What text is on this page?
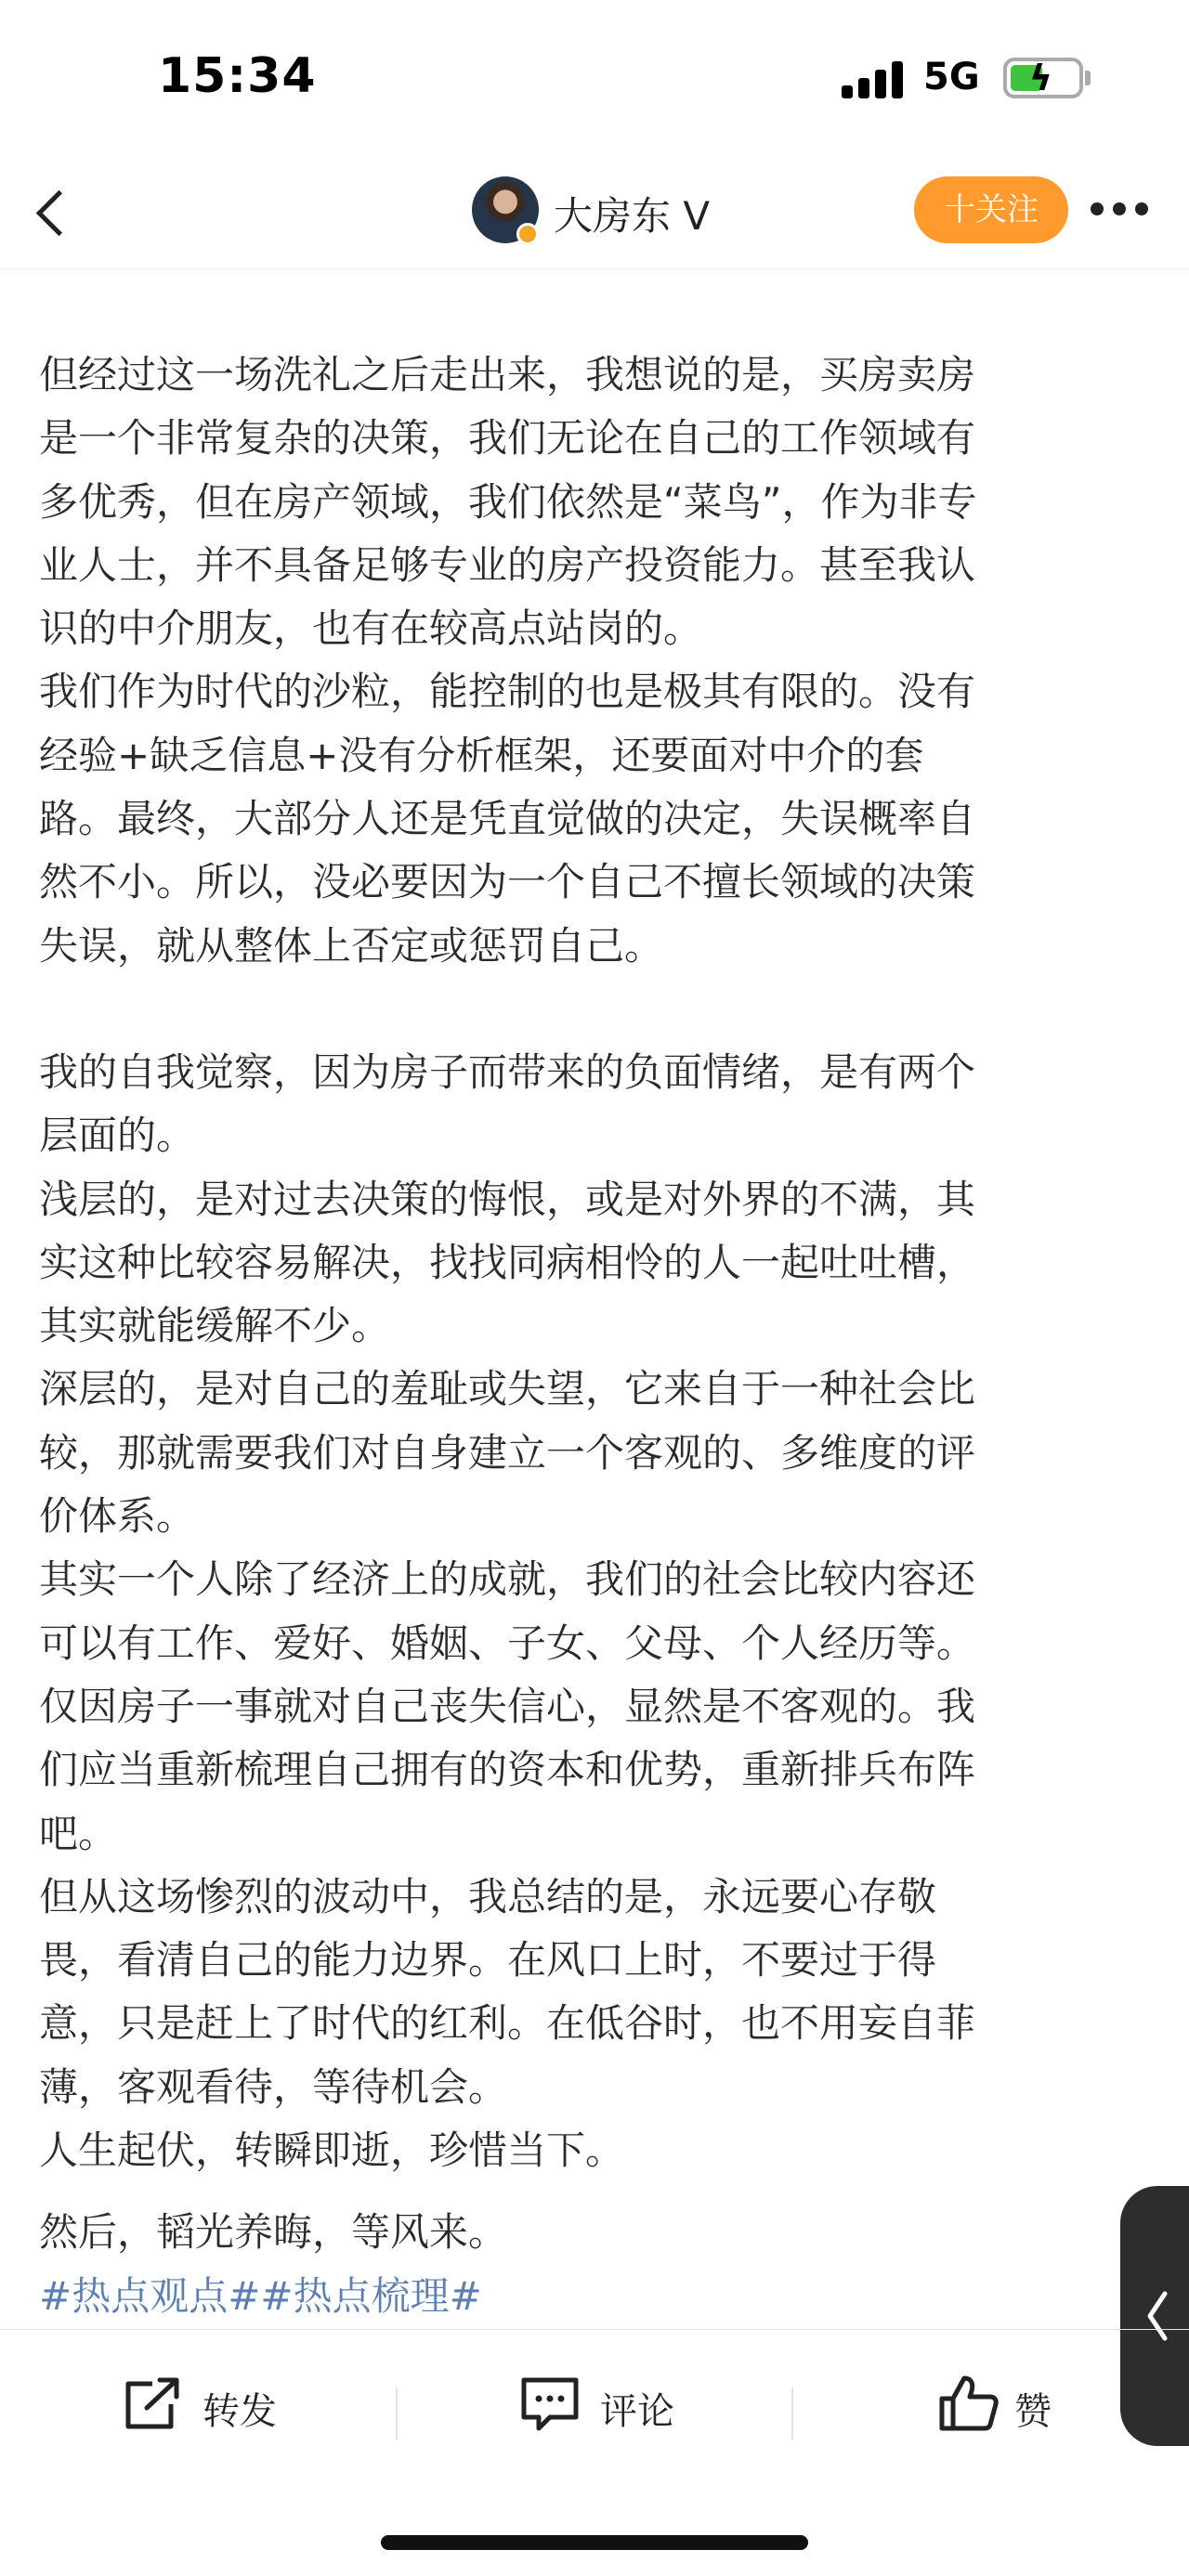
15:34	5G ϟ
大房东 V	十关注

但经过这一场洗礼之后走出来，我想说的是，买房卖房
是一个非常复杂的决策，我们无论在自己的工作领域有
多优秀，但在房产领域，我们依然是“菜鸟”，作为非专
业人士，并不具备足够专业的房产投资能力。甚至我认
识的中介朋友，也有在较高点站岗的。

我们作为时代的沙粒，能控制的也是极其有限的。没有
经验+缺乏信息+没有分析框架，还要面对中介的套
路。最终，大部分人还是凭直觉做的决定，失误概率自
然不小。所以，没必要因为一个自己不擅长领域的决策
失误，就从整体上否定或惩罚自己。

我的自我觉察，因为房子而带来的负面情绪，是有两个
层面的。

浅层的，是对过去决策的悔恨，或是对外界的不满，其
实这种比较容易解决，找找同病相怜的人一起吐吐槽，
其实就能缓解不少。

深层的，是对自己的羞耻或失望，它来自于一种社会比
较，那就需要我们对自身建立一个客观的、多维度的评
价体系。

其实一个人除了经济上的成就，我们的社会比较内容还
可以有工作、爱好、婚姻、子女、父母、个人经历等。
仅因房子一事就对自己丧失信心，显然是不客观的。我
们应当重新梳理自己拥有的资本和优势，重新排兵布阵
吧。

但从这场惨烈的波动中，我总结的是，永远要心存敬
畏，看清自己的能力边界。在风口上时，不要过于得
意，只是赶上了时代的红利。在低谷时，也不用妄自菲
薄，客观看待，等待机会。

人生起伏，转瞬即逝，珍惜当下。

然后，韬光养晦，等风来。

#热点观点##热点梳理#

转发	评论	赞
